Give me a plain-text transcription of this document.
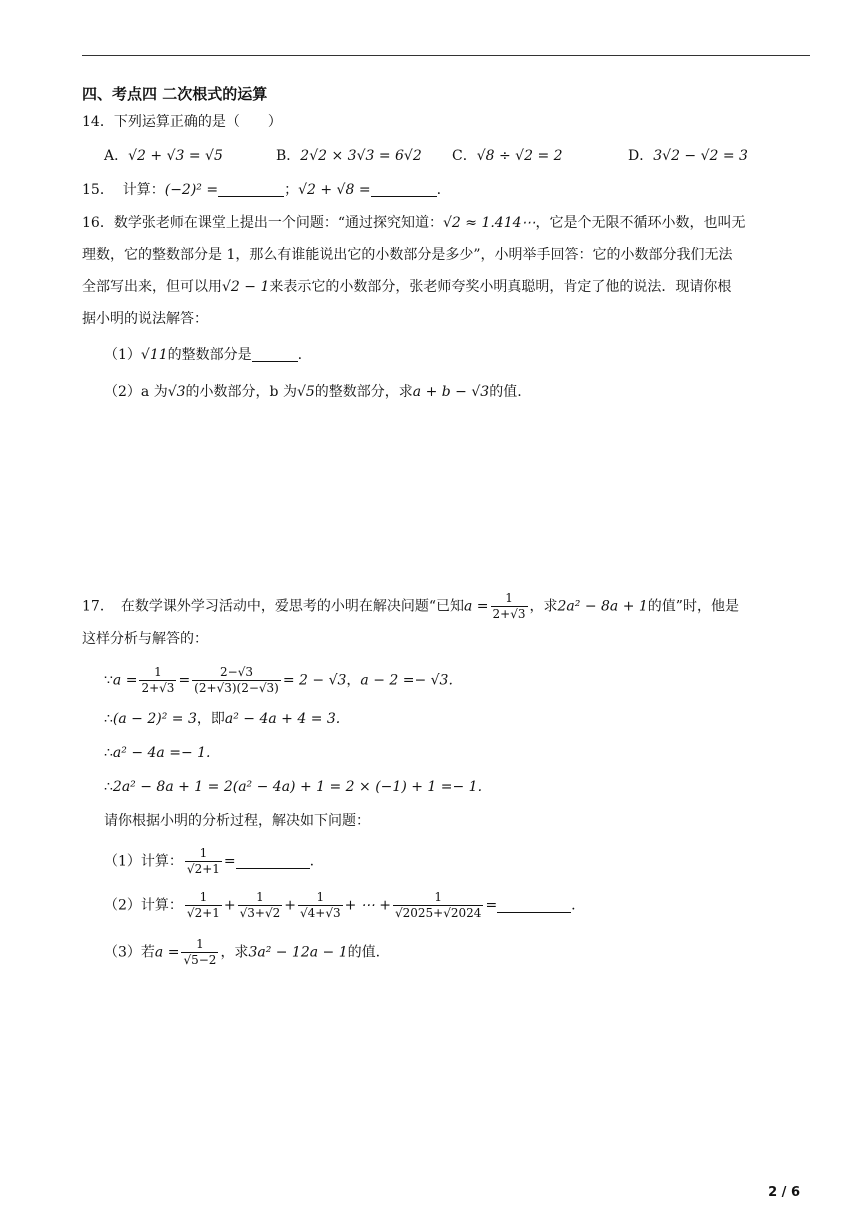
四、考点四 二次根式的运算
14．下列运算正确的是（　　）
A．√2 + √3 = √5	B．2√2 × 3√3 = 6√2 C．√8 ÷ √2 = 2	D．3√2 − √2 = 3
15． 计算：(−2)² =	；√2 + √8 =	.
16．数学张老师在课堂上提出一个问题：“通过探究知道：√2 ≈ 1.414⋯，它是个无限不循环小数，也叫无
理数，它的整数部分是 1，那么有谁能说出它的小数部分是多少”，小明举手回答：它的小数部分我们无法
全部写出来，但可以用√2 − 1来表示它的小数部分，张老师夸奖小明真聪明，肯定了他的说法．现请你根
据小明的说法解答：
（1）√11的整数部分是	.
（2）a 为√3的小数部分，b 为√5的整数部分，求a + b − √3的值.
17．　在数学课外学习活动中，爱思考的小明在解决问题“已知$a = \frac{1}{2+√3}$ ，求2a² − 8a + 1的值”时，他是
这样分析与解答的：
∵a = $\frac{1}{2+√3} = \frac{2-√3}{(2+√3)(2-√3)} = 2 - √3$，a − 2 =− √3.
∴(a − 2)² = 3，即a² − 4a + 4 = 3.
∴a² − 4a =− 1.
∴2a² − 8a + 1 = 2(a² − 4a) + 1 = 2 × (−1) + 1 =− 1.
请你根据小明的分析过程，解决如下问题：
（1）计算： $\frac{1}{√2+1}$ =	.
（2）计算： $\frac{1}{√2+1} + \frac{1}{√3+√2} + \frac{1}{√4+√3}$ + ⋯ + $\frac{1}{√2025+√2024}$ =	.
（3）若$a = \frac{1}{√5-2}$ ，求3a² − 12a − 1的值.
2 / 6
